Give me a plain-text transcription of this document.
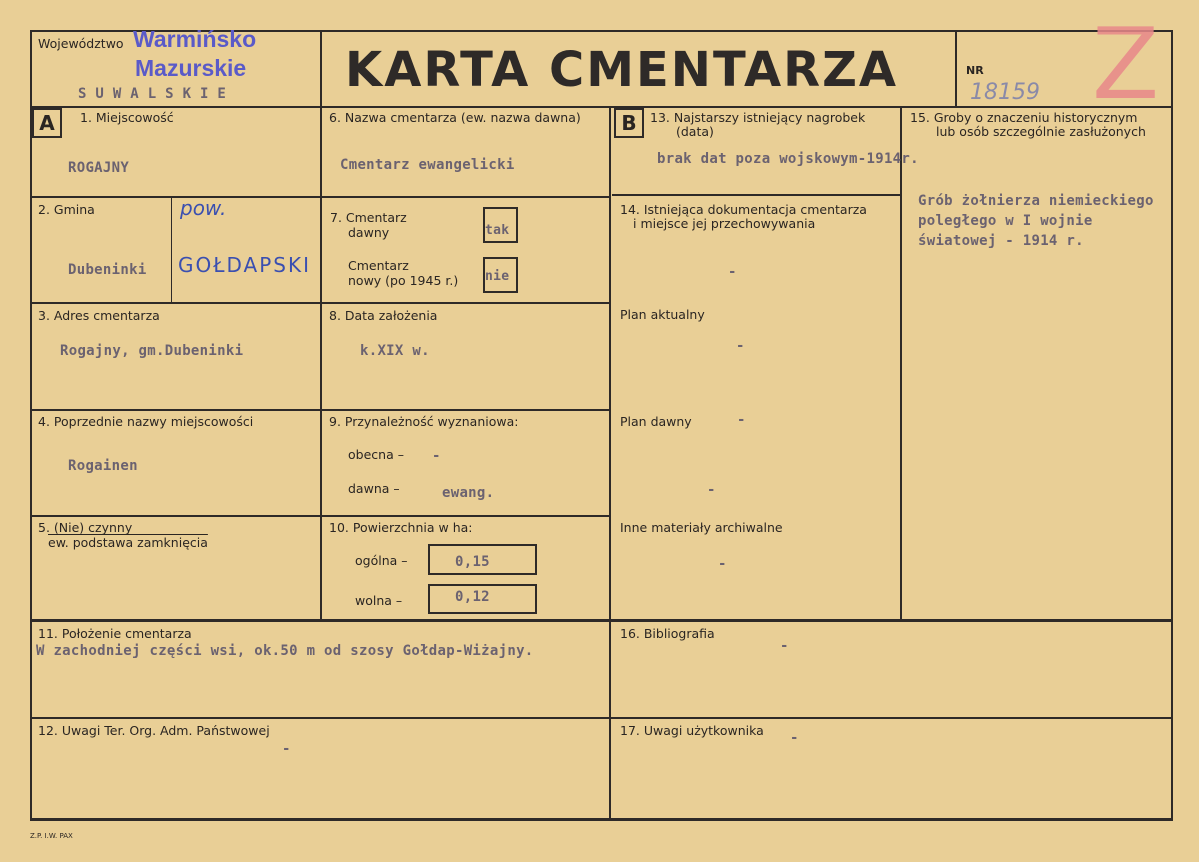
Województwo Warmińsko
Mazurskie
SUWALSKIE KARTA CMENTARZA	NR
18159 Z
A	B
1. Miejscowość
ROGAJNY
2. Gmina	pow.
Dubeninki GOŁDAPSKI
3. Adres cmentarza
Rogajny, gm.Dubeninki
4. Poprzednie nazwy miejscowości
Rogainen
5. (Nie) czynny
ew. podstawa zamknięcia
6. Nazwa cmentarza (ew. nazwa dawna)
Cmentarz ewangelicki
7. Cmentarz
dawny	tak
Cmentarz
nowy (po 1945 r.) nie
8. Data założenia
k.XIX w.
9. Przynależność wyznaniowa:
obecna – -
dawna –	ewang.
10. Powierzchnia w ha:
ogólna –	0,15
wolna –	0,12
13. Najstarszy istniejący nagrobek
(data)
brak dat poza wojskowym-1914r.
14. Istniejąca dokumentacja cmentarza
i miejsce jej przechowywania
-
Plan aktualny
-
Plan dawny	-
-
Inne materiały archiwalne
-
15. Groby o znaczeniu historycznym
lub osób szczególnie zasłużonych
Grób żołnierza niemieckiego
poległego w I wojnie
światowej - 1914 r.
11. Położenie cmentarza
W zachodniej części wsi, ok.50 m od szosy Gołdap-Wiżajny.
16. Bibliografia
-
12. Uwagi Ter. Org. Adm. Państwowej
-
17. Uwagi użytkownika -
Z.P. I.W. PAX
